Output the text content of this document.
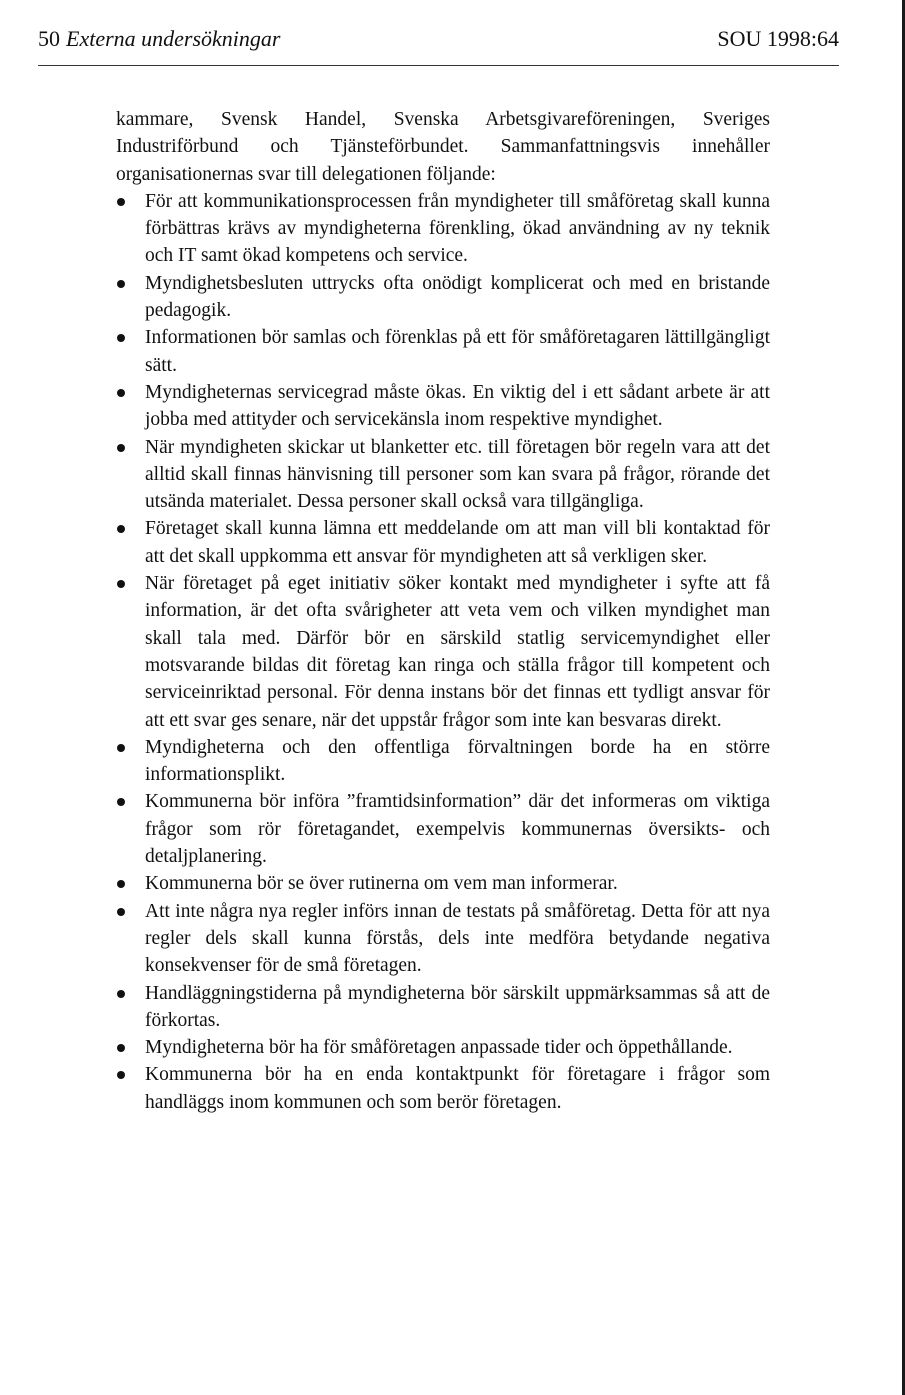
50 Externa undersökningar	SOU 1998:64

kammare, Svensk Handel, Svenska Arbetsgivareföreningen, Sveriges Industriförbund och Tjänsteförbundet. Sammanfattningsvis innehåller organisationernas svar till delegationen följande:

För att kommunikationsprocessen från myndigheter till småföretag skall kunna förbättras krävs av myndigheterna förenkling, ökad användning av ny teknik och IT samt ökad kompetens och service.
Myndighetsbesluten uttrycks ofta onödigt komplicerat och med en bristande pedagogik.
Informationen bör samlas och förenklas på ett för småföretagaren lättillgängligt sätt.
Myndigheternas servicegrad måste ökas. En viktig del i ett sådant arbete är att jobba med attityder och servicekänsla inom respektive myndighet.
När myndigheten skickar ut blanketter etc. till företagen bör regeln vara att det alltid skall finnas hänvisning till personer som kan svara på frågor, rörande det utsända materialet. Dessa personer skall också vara tillgängliga.
Företaget skall kunna lämna ett meddelande om att man vill bli kontaktad för att det skall uppkomma ett ansvar för myndigheten att så verkligen sker.
När företaget på eget initiativ söker kontakt med myndigheter i syfte att få information, är det ofta svårigheter att veta vem och vilken myndighet man skall tala med. Därför bör en särskild statlig servicemyndighet eller motsvarande bildas dit företag kan ringa och ställa frågor till kompetent och serviceinriktad personal. För denna instans bör det finnas ett tydligt ansvar för att ett svar ges senare, när det uppstår frågor som inte kan besvaras direkt.
Myndigheterna och den offentliga förvaltningen borde ha en större informationsplikt.
Kommunerna bör införa ”framtidsinformation” där det informeras om viktiga frågor som rör företagandet, exempelvis kommunernas översikts- och detaljplanering.
Kommunerna bör se över rutinerna om vem man informerar.
Att inte några nya regler införs innan de testats på småföretag. Detta för att nya regler dels skall kunna förstås, dels inte medföra betydande negativa konsekvenser för de små företagen.
Handläggningstiderna på myndigheterna bör särskilt uppmärksammas så att de förkortas.
Myndigheterna bör ha för småföretagen anpassade tider och öppethållande.
Kommunerna bör ha en enda kontaktpunkt för företagare i frågor som handläggs inom kommunen och som berör företagen.
